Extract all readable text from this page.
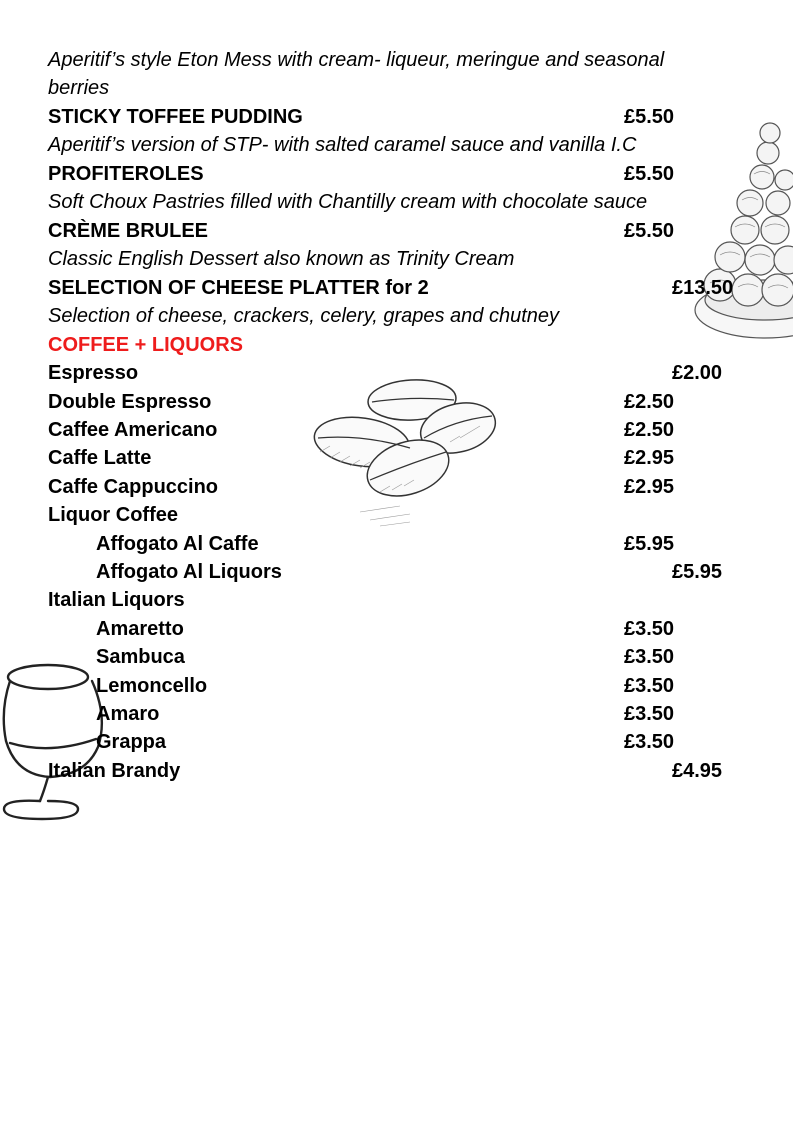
Aperitif’s style Eton Mess with cream- liqueur, meringue and seasonal berries
STICKY TOFFEE PUDDING	£5.50
Aperitif’s version of STP- with salted caramel sauce and vanilla I.C
PROFITEROLES	£5.50
Soft Choux Pastries filled with Chantilly cream with chocolate sauce
CRÈME BRULEE	£5.50
Classic English Dessert also known as Trinity Cream
SELECTION OF CHEESE PLATTER for 2	£13.50
Selection of cheese, crackers, celery, grapes and chutney
COFFEE + LIQUORS
Espresso	£2.00
Double Espresso	£2.50
Caffee Americano	£2.50
Caffe Latte	£2.95
Caffe Cappuccino	£2.95
Liquor Coffee
Affogato Al Caffe	£5.95
Affogato Al Liquors	£5.95
Italian Liquors
Amaretto	£3.50
Sambuca	£3.50
Lemoncello	£3.50
Amaro	£3.50
Grappa	£3.50
Italian Brandy	£4.95
